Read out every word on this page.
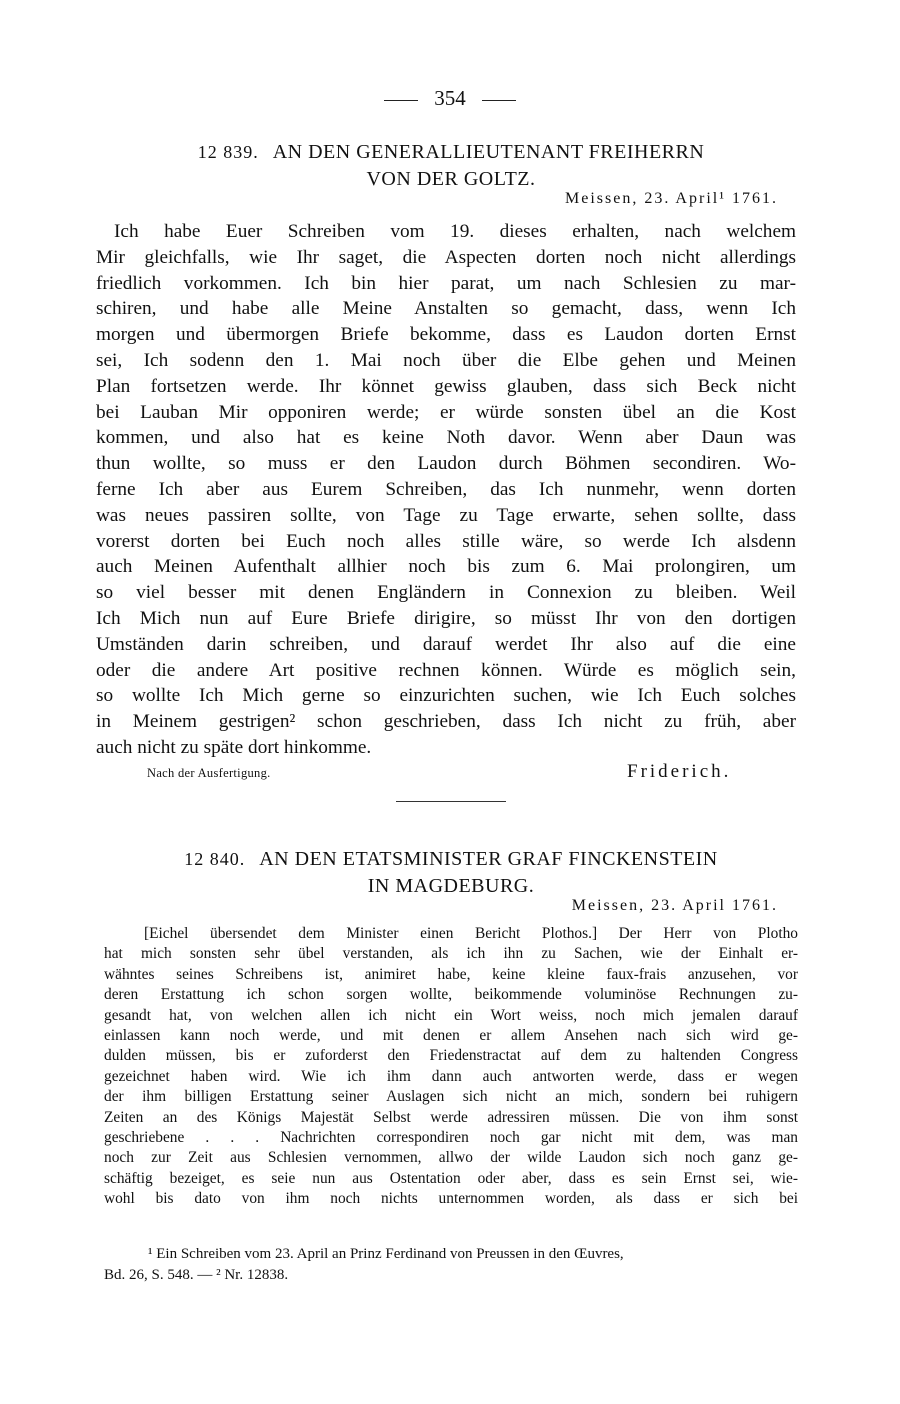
354
12 839. AN DEN GENERALLIEUTENANT FREIHERRN
VON DER GOLTZ.
Meissen, 23. April¹ 1761.
Ich habe Euer Schreiben vom 19. dieses erhalten, nach welchem
Mir gleichfalls, wie Ihr saget, die Aspecten dorten noch nicht allerdings
friedlich vorkommen. Ich bin hier parat, um nach Schlesien zu mar-
schiren, und habe alle Meine Anstalten so gemacht, dass, wenn Ich
morgen und übermorgen Briefe bekomme, dass es Laudon dorten Ernst
sei, Ich sodenn den 1. Mai noch über die Elbe gehen und Meinen
Plan fortsetzen werde. Ihr könnet gewiss glauben, dass sich Beck nicht
bei Lauban Mir opponiren werde; er würde sonsten übel an die Kost
kommen, und also hat es keine Noth davor. Wenn aber Daun was
thun wollte, so muss er den Laudon durch Böhmen secondiren. Wo-
ferne Ich aber aus Eurem Schreiben, das Ich nunmehr, wenn dorten
was neues passiren sollte, von Tage zu Tage erwarte, sehen sollte, dass
vorerst dorten bei Euch noch alles stille wäre, so werde Ich alsdenn
auch Meinen Aufenthalt allhier noch bis zum 6. Mai prolongiren, um
so viel besser mit denen Engländern in Connexion zu bleiben. Weil
Ich Mich nun auf Eure Briefe dirigire, so müsst Ihr von den dortigen
Umständen darin schreiben, und darauf werdet Ihr also auf die eine
oder die andere Art positive rechnen können. Würde es möglich sein,
so wollte Ich Mich gerne so einzurichten suchen, wie Ich Euch solches
in Meinem gestrigen² schon geschrieben, dass Ich nicht zu früh, aber
auch nicht zu späte dort hinkomme.
Nach der Ausfertigung.	Friderich.
12 840. AN DEN ETATSMINISTER GRAF FINCKENSTEIN
IN MAGDEBURG.
Meissen, 23. April 1761.
[Eichel übersendet dem Minister einen Bericht Plothos.] Der Herr von Plotho
hat mich sonsten sehr übel verstanden, als ich ihn zu Sachen, wie der Einhalt er-
wähntes seines Schreibens ist, animiret habe, keine kleine faux-frais anzusehen, vor
deren Erstattung ich schon sorgen wollte, beikommende voluminöse Rechnungen zu-
gesandt hat, von welchen allen ich nicht ein Wort weiss, noch mich jemalen darauf
einlassen kann noch werde, und mit denen er allem Ansehen nach sich wird ge-
dulden müssen, bis er zuforderst den Friedenstractat auf dem zu haltenden Congress
gezeichnet haben wird. Wie ich ihm dann auch antworten werde, dass er wegen
der ihm billigen Erstattung seiner Auslagen sich nicht an mich, sondern bei ruhigern
Zeiten an des Königs Majestät Selbst werde adressiren müssen. Die von ihm sonst
geschriebene . . . Nachrichten correspondiren noch gar nicht mit dem, was man
noch zur Zeit aus Schlesien vernommen, allwo der wilde Laudon sich noch ganz ge-
schäftig bezeiget, es seie nun aus Ostentation oder aber, dass es sein Ernst sei, wie-
wohl bis dato von ihm noch nichts unternommen worden, als dass er sich bei
¹ Ein Schreiben vom 23. April an Prinz Ferdinand von Preussen in den Œuvres,
Bd. 26, S. 548. — ² Nr. 12838.
